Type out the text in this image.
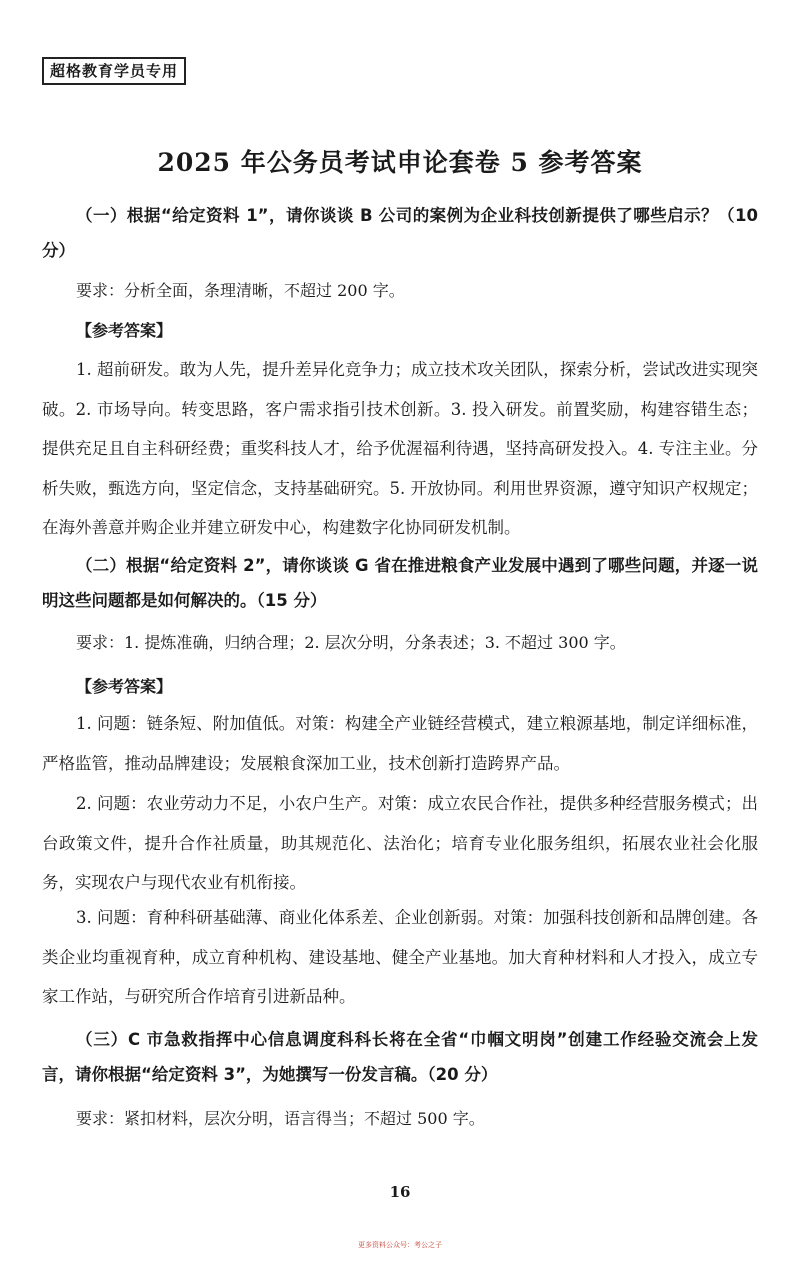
超格教育学员专用
2025 年公务员考试申论套卷 5 参考答案
（一）根据“给定资料 1”，请你谈谈 B 公司的案例为企业科技创新提供了哪些启示？（10 分）
要求：分析全面，条理清晰，不超过 200 字。
【参考答案】
1. 超前研发。敢为人先，提升差异化竞争力；成立技术攻关团队，探索分析，尝试改进实现突破。2. 市场导向。转变思路，客户需求指引技术创新。3. 投入研发。前置奖励，构建容错生态；提供充足且自主科研经费；重奖科技人才，给予优渥福利待遇，坚持高研发投入。4. 专注主业。分析失败，甄选方向，坚定信念，支持基础研究。5. 开放协同。利用世界资源，遵守知识产权规定；在海外善意并购企业并建立研发中心，构建数字化协同研发机制。
（二）根据“给定资料 2”，请你谈谈 G 省在推进粮食产业发展中遇到了哪些问题，并逐一说明这些问题都是如何解决的。（15 分）
要求：1. 提炼准确，归纳合理；2. 层次分明，分条表述；3. 不超过 300 字。
【参考答案】
1. 问题：链条短、附加值低。对策：构建全产业链经营模式，建立粮源基地，制定详细标准，严格监管，推动品牌建设；发展粮食深加工业，技术创新打造跨界产品。
2. 问题：农业劳动力不足，小农户生产。对策：成立农民合作社，提供多种经营服务模式；出台政策文件，提升合作社质量，助其规范化、法治化；培育专业化服务组织，拓展农业社会化服务，实现农户与现代农业有机衔接。
3. 问题：育种科研基础薄、商业化体系差、企业创新弱。对策：加强科技创新和品牌创建。各类企业均重视育种，成立育种机构、建设基地、健全产业基地。加大育种材料和人才投入，成立专家工作站，与研究所合作培育引进新品种。
（三）C 市急救指挥中心信息调度科科长将在全省“巾帼文明岗”创建工作经验交流会上发言，请你根据“给定资料 3”，为她撰写一份发言稿。（20 分）
要求：紧扣材料，层次分明，语言得当；不超过 500 字。
16
更多资料公众号：考公之子
